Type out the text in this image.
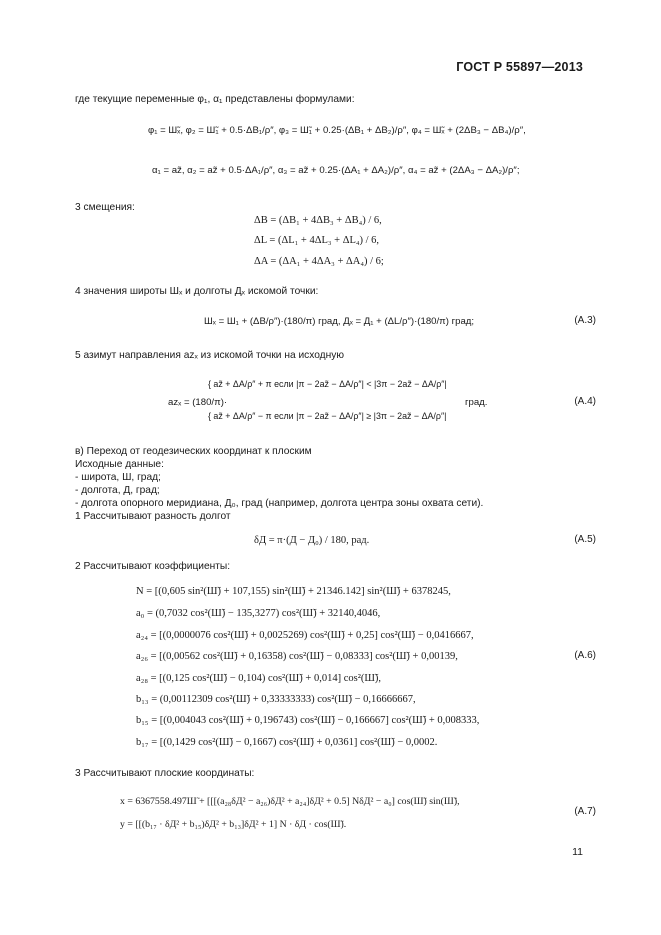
ГОСТ Р 55897—2013
где текущие переменные φ₁, α₁ представлены формулами:
φ₁ = Ш̃ₓ, φ₂ = Ш̃₁ + 0.5·ΔB₁/ρ″, φ₃ = Ш̃₁ + 0.25·(ΔB₁ + ΔB₂)/ρ″, φ₄ = Ш̃ₓ + (2ΔB₃ − ΔB₄)/ρ″,
α₁ = az̃, α₂ = az̃ + 0.5·ΔA₁/ρ″, α₃ = az̃ + 0.25·(ΔA₁ + ΔA₂)/ρ″, α₄ = az̃ + (2ΔA₃ − ΔA₂)/ρ″;
3 смещения:
ΔB = (ΔB₁ + 4ΔB₃ + ΔB₄) / 6,
ΔL = (ΔL₁ + 4ΔL₃ + ΔL₄) / 6,
ΔA = (ΔA₁ + 4ΔA₃ + ΔA₄) / 6;
4 значения широты Шₓ и долготы Дₓ искомой точки:
Шₓ = Ш₁ + (ΔB/ρ″)·(180/π) град, Дₓ = Д₁ + (ΔL/ρ″)·(180/π) град;	(А.3)
5 азимут направления azₓ из искомой точки на исходную
azₓ = (180/π)·
{ az̃ + ΔA/ρ″ + π если |π − 2az̃ − ΔA/ρ″| < |3π − 2az̃ − ΔA/ρ″|
{ az̃ + ΔA/ρ″ − π если |π − 2az̃ − ΔA/ρ″| ≥ |3π − 2az̃ − ΔA/ρ″|
град.	(А.4)
в) Переход от геодезических координат к плоским
Исходные данные:
- широта, Ш, град;
- долгота, Д, град;
- долгота опорного меридиана, Д₀, град (например, долгота центра зоны охвата сети).
1 Рассчитывают разность долгот
δД = π·(Д − Д₀) / 180, рад.	(А.5)
2 Рассчитывают коэффициенты:
N = [(0,605 sin²(Ш̃) + 107,155) sin²(Ш̃) + 21346.142] sin²(Ш̃) + 6378245,
a₀ = (0,7032 cos²(Ш̃) − 135,3277) cos²(Ш̃) + 32140,4046,
a₂₄ = [(0,0000076 cos²(Ш̃) + 0,0025269) cos²(Ш̃) + 0,25] cos²(Ш̃) − 0,0416667,
a₂₆ = [(0,00562 cos²(Ш̃) + 0,16358) cos²(Ш̃) − 0,08333] cos²(Ш̃) + 0,00139,
a₂₈ = [(0,125 cos²(Ш̃) − 0,104) cos²(Ш̃) + 0,014] cos²(Ш̃),
b₁₃ = (0,00112309 cos²(Ш̃) + 0,33333333) cos²(Ш̃) − 0,16666667,
b₁₅ = [(0,004043 cos²(Ш̃) + 0,196743) cos²(Ш̃) − 0,166667] cos²(Ш̃) + 0,008333,
b₁₇ = [(0,1429 cos²(Ш̃) − 0,1667) cos²(Ш̃) + 0,0361] cos²(Ш̃) − 0,0002.
(А.6)
3 Рассчитывают плоские координаты:
x = 6367558.497Ш̃ + [[[(a₂₈δД² − a₂₆)δД² + a₂₄]δД² + 0.5] NδД² − a₀] cos(Ш̃) sin(Ш̃),
y = [[(b₁₇ · δД² + b₁₅)δД² + b₁₃]δД² + 1] N · δД · cos(Ш̃).
(А.7)
11
